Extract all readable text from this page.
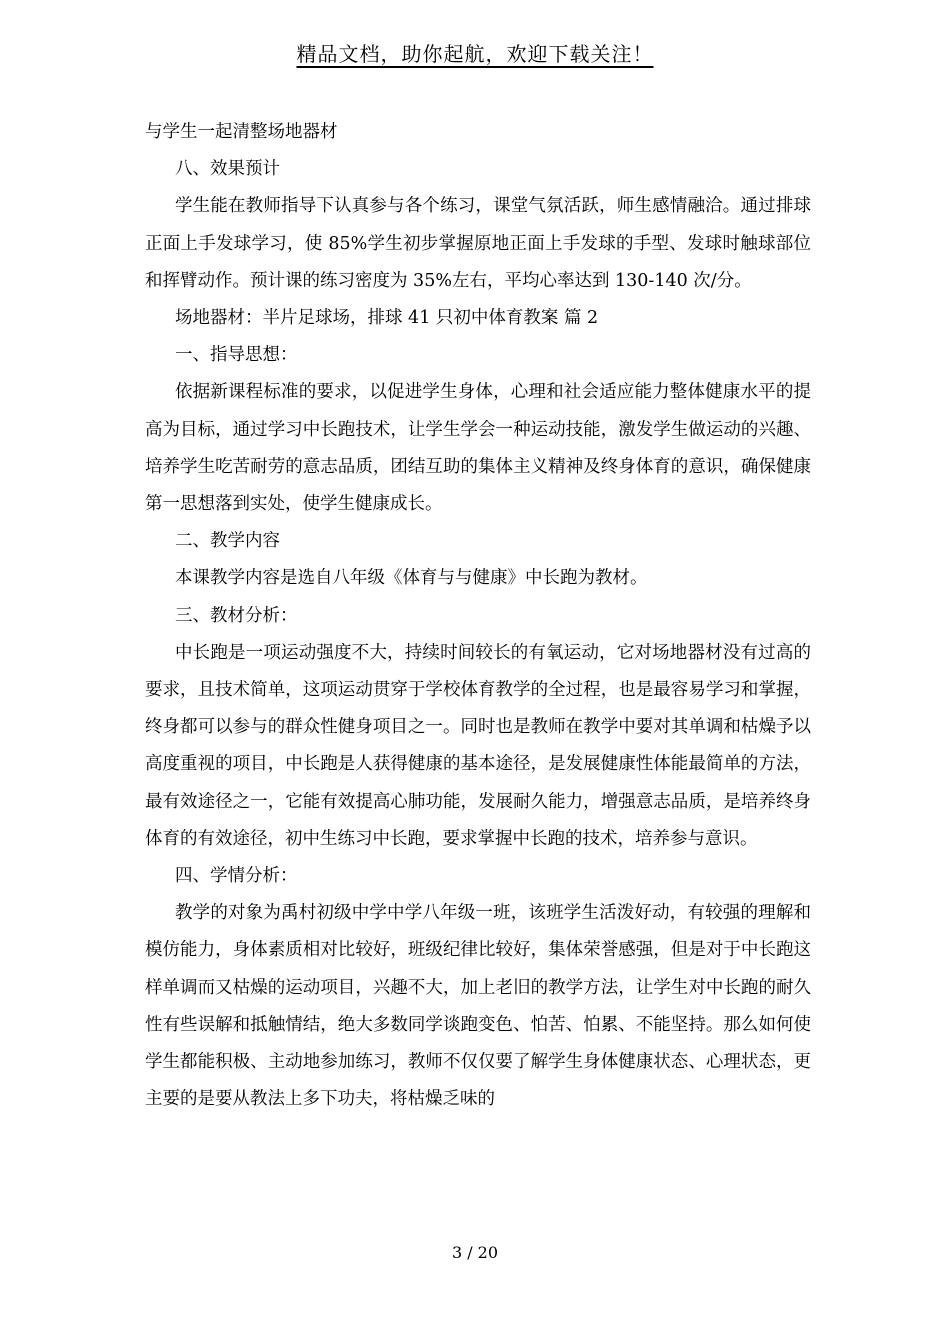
精品文档，助你起航，欢迎下载关注！

与学生一起清整场地器材

八、效果预计

学生能在教师指导下认真参与各个练习，课堂气氛活跃，师生感情融洽。通过排球正面上手发球学习，使 85%学生初步掌握原地正面上手发球的手型、发球时触球部位和挥臂动作。预计课的练习密度为 35%左右，平均心率达到 130-140 次/分。

场地器材：半片足球场，排球 41 只初中体育教案 篇 2

一、指导思想：

依据新课程标准的要求，以促进学生身体，心理和社会适应能力整体健康水平的提高为目标，通过学习中长跑技术，让学生学会一种运动技能，激发学生做运动的兴趣、培养学生吃苦耐劳的意志品质，团结互助的集体主义精神及终身体育的意识，确保健康第一思想落到实处，使学生健康成长。

二、教学内容

本课教学内容是选自八年级《体育与与健康》中长跑为教材。

三、教材分析：

中长跑是一项运动强度不大，持续时间较长的有氧运动，它对场地器材没有过高的要求，且技术简单，这项运动贯穿于学校体育教学的全过程，也是最容易学习和掌握，终身都可以参与的群众性健身项目之一。同时也是教师在教学中要对其单调和枯燥予以高度重视的项目，中长跑是人获得健康的基本途径，是发展健康性体能最简单的方法，最有效途径之一，它能有效提高心肺功能，发展耐久能力，增强意志品质，是培养终身体育的有效途径，初中生练习中长跑，要求掌握中长跑的技术，培养参与意识。

四、学情分析：

教学的对象为禹村初级中学中学八年级一班，该班学生活泼好动，有较强的理解和模仿能力，身体素质相对比较好，班级纪律比较好，集体荣誉感强，但是对于中长跑这样单调而又枯燥的运动项目，兴趣不大，加上老旧的教学方法，让学生对中长跑的耐久性有些误解和抵触情结，绝大多数同学谈跑变色、怕苦、怕累、不能坚持。那么如何使学生都能积极、主动地参加练习，教师不仅仅要了解学生身体健康状态、心理状态，更主要的是要从教法上多下功夫，将枯燥乏味的

3 / 20
